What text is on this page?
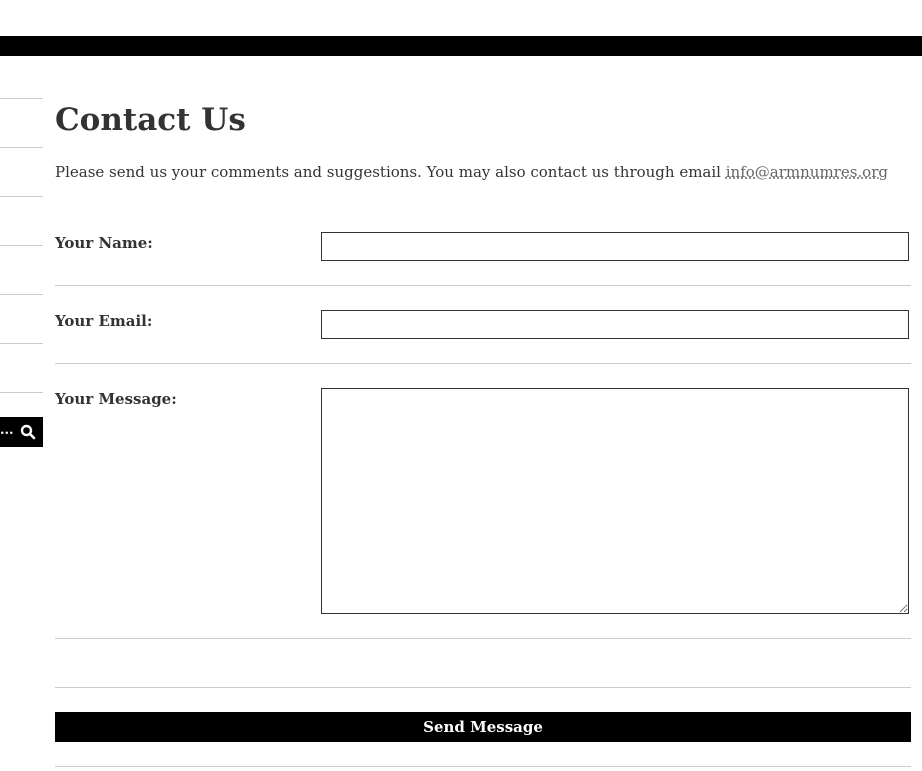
...
Contact Us
Please send us your comments and suggestions. You may also contact us through email info@armnumres.org
Your Name:
Your Email:
Your Message:
Send Message
